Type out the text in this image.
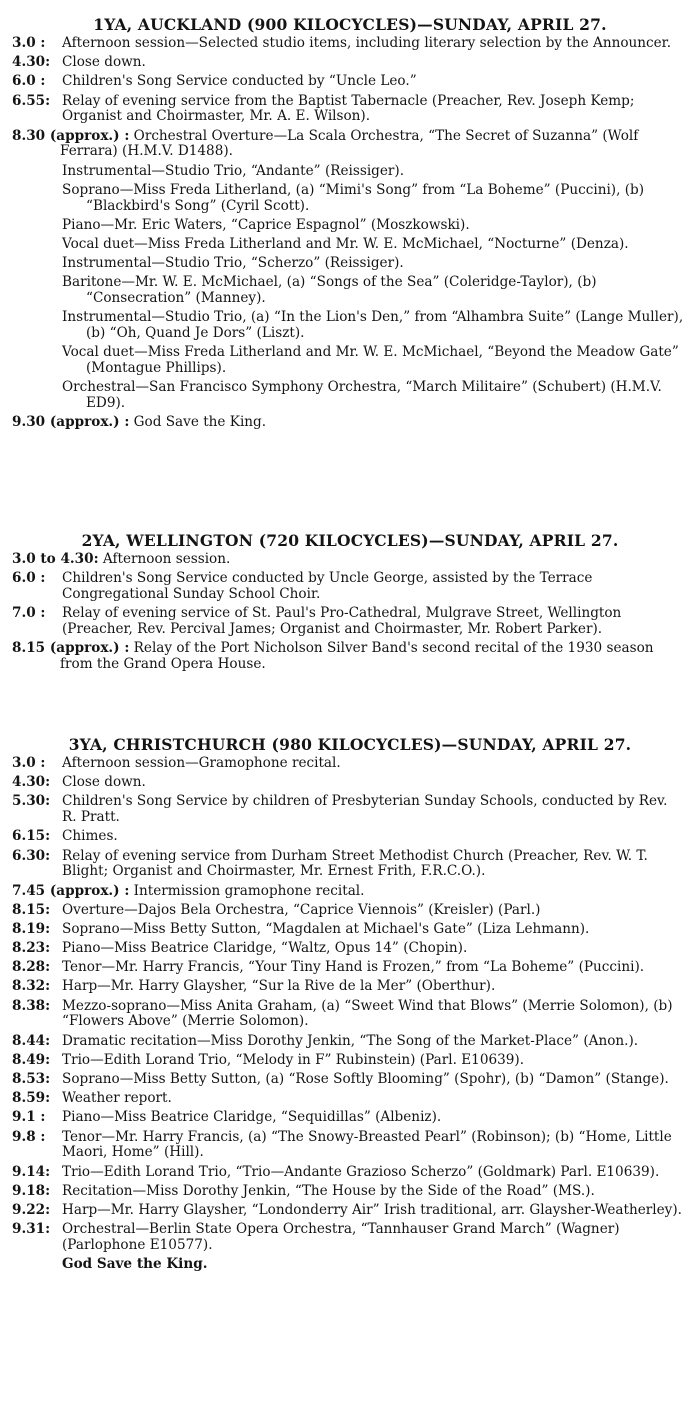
1YA, AUCKLAND (900 KILOCYCLES)—SUNDAY, APRIL 27.
3.0 : Afternoon session—Selected studio items, including literary selection by the Announcer.
4.30: Close down.
6.0 : Children's Song Service conducted by “Uncle Leo.”
6.55: Relay of evening service from the Baptist Tabernacle (Preacher, Rev. Joseph Kemp; Organist and Choirmaster, Mr. A. E. Wilson).
8.30 (approx.) : Orchestral Overture—La Scala Orchestra, “The Secret of Suzanna” (Wolf Ferrara) (H.M.V. D1488).
Instrumental—Studio Trio, “Andante” (Reissiger).
Soprano—Miss Freda Litherland, (a) “Mimi's Song” from “La Boheme” (Puccini), (b) “Blackbird's Song” (Cyril Scott).
Piano—Mr. Eric Waters, “Caprice Espagnol” (Moszkowski).
Vocal duet—Miss Freda Litherland and Mr. W. E. McMichael, “Nocturne” (Denza).
Instrumental—Studio Trio, “Scherzo” (Reissiger).
Baritone—Mr. W. E. McMichael, (a) “Songs of the Sea” (Coleridge-Taylor), (b) “Consecration” (Manney).
Instrumental—Studio Trio, (a) “In the Lion's Den,” from “Alhambra Suite” (Lange Muller), (b) “Oh, Quand Je Dors” (Liszt).
Vocal duet—Miss Freda Litherland and Mr. W. E. McMichael, “Beyond the Meadow Gate” (Montague Phillips).
Orchestral—San Francisco Symphony Orchestra, “March Militaire” (Schubert) (H.M.V. ED9).
9.30 (approx.) : God Save the King.
2YA, WELLINGTON (720 KILOCYCLES)—SUNDAY, APRIL 27.
3.0 to 4.30: Afternoon session.
6.0 : Children's Song Service conducted by Uncle George, assisted by the Terrace Congregational Sunday School Choir.
7.0 : Relay of evening service of St. Paul's Pro-Cathedral, Mulgrave Street, Wellington (Preacher, Rev. Percival James; Organist and Choirmaster, Mr. Robert Parker).
8.15 (approx.) : Relay of the Port Nicholson Silver Band's second recital of the 1930 season from the Grand Opera House.
3YA, CHRISTCHURCH (980 KILOCYCLES)—SUNDAY, APRIL 27.
3.0 : Afternoon session—Gramophone recital.
4.30: Close down.
5.30: Children's Song Service by children of Presbyterian Sunday Schools, conducted by Rev. R. Pratt.
6.15: Chimes.
6.30: Relay of evening service from Durham Street Methodist Church (Preacher, Rev. W. T. Blight; Organist and Choirmaster, Mr. Ernest Frith, F.R.C.O.).
7.45 (approx.) : Intermission gramophone recital.
8.15: Overture—Dajos Bela Orchestra, “Caprice Viennois” (Kreisler) (Parl.)
8.19: Soprano—Miss Betty Sutton, “Magdalen at Michael's Gate” (Liza Lehmann).
8.23: Piano—Miss Beatrice Claridge, “Waltz, Opus 14” (Chopin).
8.28: Tenor—Mr. Harry Francis, “Your Tiny Hand is Frozen,” from “La Boheme” (Puccini).
8.32: Harp—Mr. Harry Glaysher, “Sur la Rive de la Mer” (Oberthur).
8.38: Mezzo-soprano—Miss Anita Graham, (a) “Sweet Wind that Blows” (Merrie Solomon), (b) “Flowers Above” (Merrie Solomon).
8.44: Dramatic recitation—Miss Dorothy Jenkin, “The Song of the Market-Place” (Anon.).
8.49: Trio—Edith Lorand Trio, “Melody in F” Rubinstein) (Parl. E10639).
8.53: Soprano—Miss Betty Sutton, (a) “Rose Softly Blooming” (Spohr), (b) “Damon” (Stange).
8.59: Weather report.
9.1 : Piano—Miss Beatrice Claridge, “Sequidillas” (Albeniz).
9.8 : Tenor—Mr. Harry Francis, (a) “The Snowy-Breasted Pearl” (Robinson); (b) “Home, Little Maori, Home” (Hill).
9.14: Trio—Edith Lorand Trio, “Trio—Andante Grazioso Scherzo” (Goldmark) Parl. E10639).
9.18: Recitation—Miss Dorothy Jenkin, “The House by the Side of the Road” (MS.).
9.22: Harp—Mr. Harry Glaysher, “Londonderry Air” Irish traditional, arr. Glaysher-Weatherley).
9.31: Orchestral—Berlin State Opera Orchestra, “Tannhauser Grand March” (Wagner) (Parlophone E10577).
God Save the King.
